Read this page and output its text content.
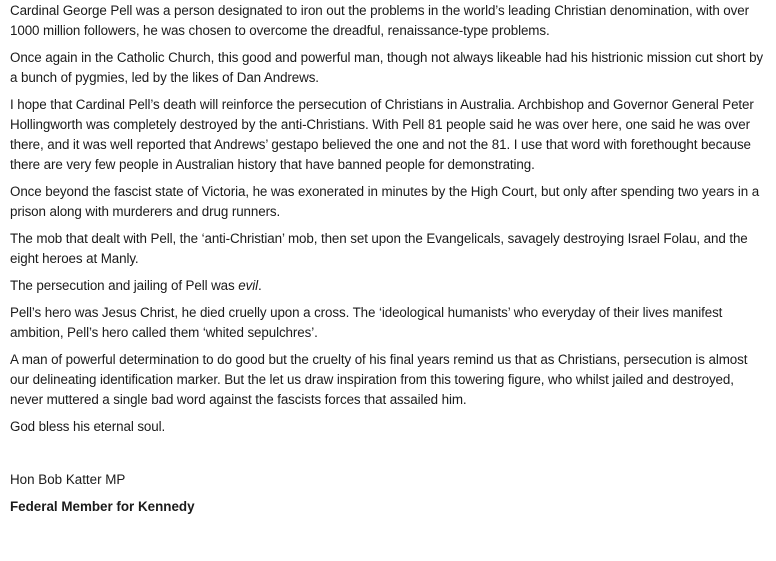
Cardinal George Pell was a person designated to iron out the problems in the world’s leading Christian denomination, with over 1000 million followers, he was chosen to overcome the dreadful, renaissance-type problems.

Once again in the Catholic Church, this good and powerful man, though not always likeable had his histrionic mission cut short by a bunch of pygmies, led by the likes of Dan Andrews.

I hope that Cardinal Pell’s death will reinforce the persecution of Christians in Australia. Archbishop and Governor General Peter Hollingworth was completely destroyed by the anti-Christians. With Pell 81 people said he was over here, one said he was over there, and it was well reported that Andrews’ gestapo believed the one and not the 81. I use that word with forethought because there are very few people in Australian history that have banned people for demonstrating.

Once beyond the fascist state of Victoria, he was exonerated in minutes by the High Court, but only after spending two years in a prison along with murderers and drug runners.

The mob that dealt with Pell, the ‘anti-Christian’ mob, then set upon the Evangelicals, savagely destroying Israel Folau, and the eight heroes at Manly.

The persecution and jailing of Pell was evil.

Pell’s hero was Jesus Christ, he died cruelly upon a cross. The ‘ideological humanists’ who everyday of their lives manifest ambition, Pell’s hero called them ‘whited sepulchres’.

A man of powerful determination to do good but the cruelty of his final years remind us that as Christians, persecution is almost our delineating identification marker. But the let us draw inspiration from this towering figure, who whilst jailed and destroyed, never muttered a single bad word against the fascists forces that assailed him.

God bless his eternal soul.

Hon Bob Katter MP

Federal Member for Kennedy
